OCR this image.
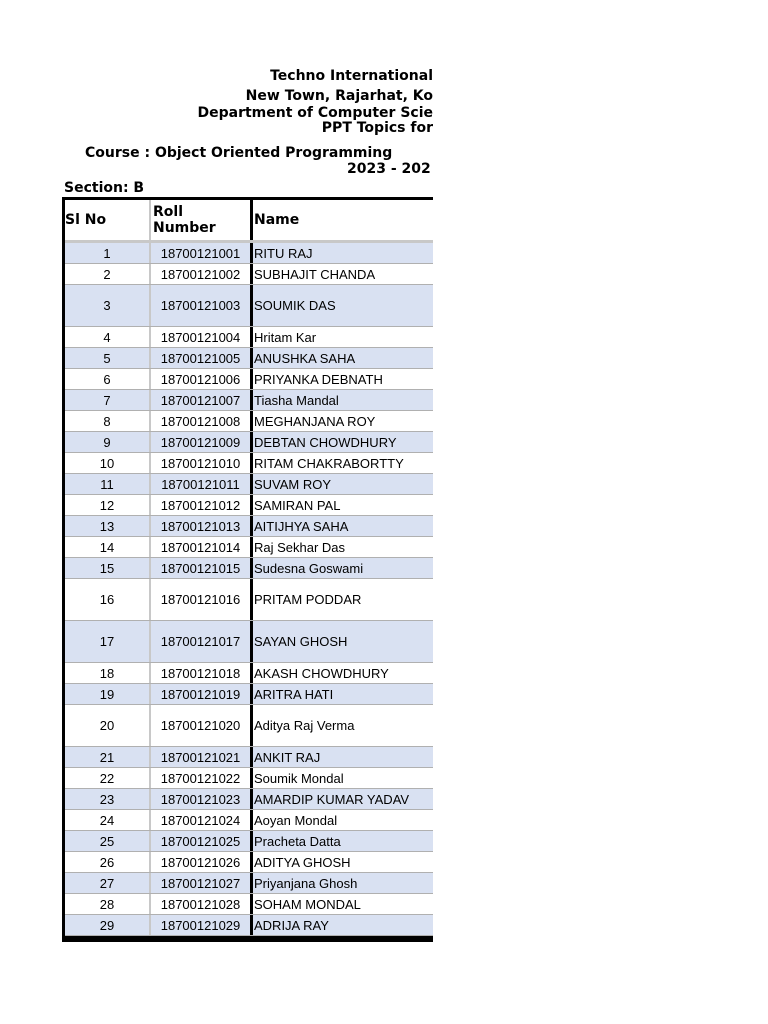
Techno International
New Town, Rajarhat, Ko
Department of Computer Scie
PPT Topics for
Course : Object Oriented Programming
2023 - 202
Section: B
Sl No	Roll Number	Name
1	18700121001	RITU RAJ
2	18700121002	SUBHAJIT CHANDA
3	18700121003	SOUMIK DAS
4	18700121004	Hritam Kar
5	18700121005	ANUSHKA SAHA
6	18700121006	PRIYANKA DEBNATH
7	18700121007	Tiasha Mandal
8	18700121008	MEGHANJANA ROY
9	18700121009	DEBTAN CHOWDHURY
10	18700121010	RITAM CHAKRABORTTY
11	18700121011	SUVAM ROY
12	18700121012	SAMIRAN PAL
13	18700121013	AITIJHYA SAHA
14	18700121014	Raj Sekhar Das
15	18700121015	Sudesna Goswami
16	18700121016	PRITAM PODDAR
17	18700121017	SAYAN GHOSH
18	18700121018	AKASH CHOWDHURY
19	18700121019	ARITRA HATI
20	18700121020	Aditya Raj Verma
21	18700121021	ANKIT RAJ
22	18700121022	Soumik Mondal
23	18700121023	AMARDIP KUMAR YADAV
24	18700121024	Aoyan Mondal
25	18700121025	Pracheta Datta
26	18700121026	ADITYA GHOSH
27	18700121027	Priyanjana Ghosh
28	18700121028	SOHAM MONDAL
29	18700121029	ADRIJA RAY
